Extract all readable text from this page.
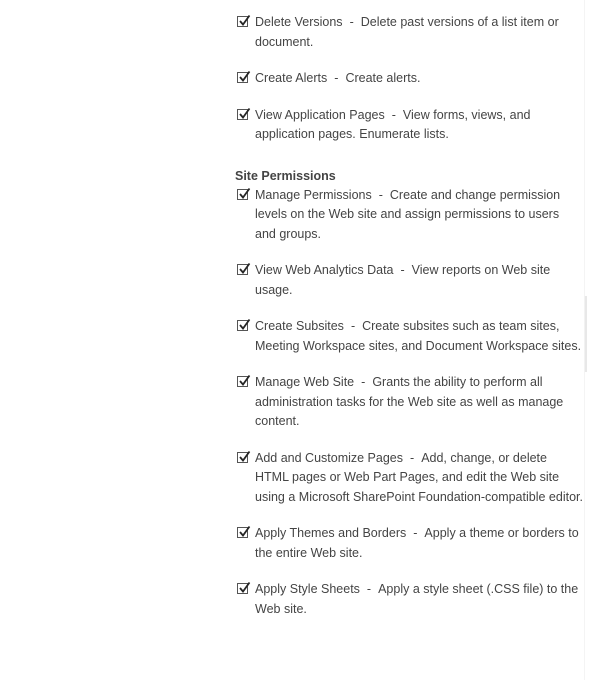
Delete Versions - Delete past versions of a list item or document.
Create Alerts - Create alerts.
View Application Pages - View forms, views, and application pages. Enumerate lists.
Site Permissions
Manage Permissions - Create and change permission levels on the Web site and assign permissions to users and groups.
View Web Analytics Data - View reports on Web site usage.
Create Subsites - Create subsites such as team sites, Meeting Workspace sites, and Document Workspace sites.
Manage Web Site - Grants the ability to perform all administration tasks for the Web site as well as manage content.
Add and Customize Pages - Add, change, or delete HTML pages or Web Part Pages, and edit the Web site using a Microsoft SharePoint Foundation-compatible editor.
Apply Themes and Borders - Apply a theme or borders to the entire Web site.
Apply Style Sheets - Apply a style sheet (.CSS file) to the Web site.
